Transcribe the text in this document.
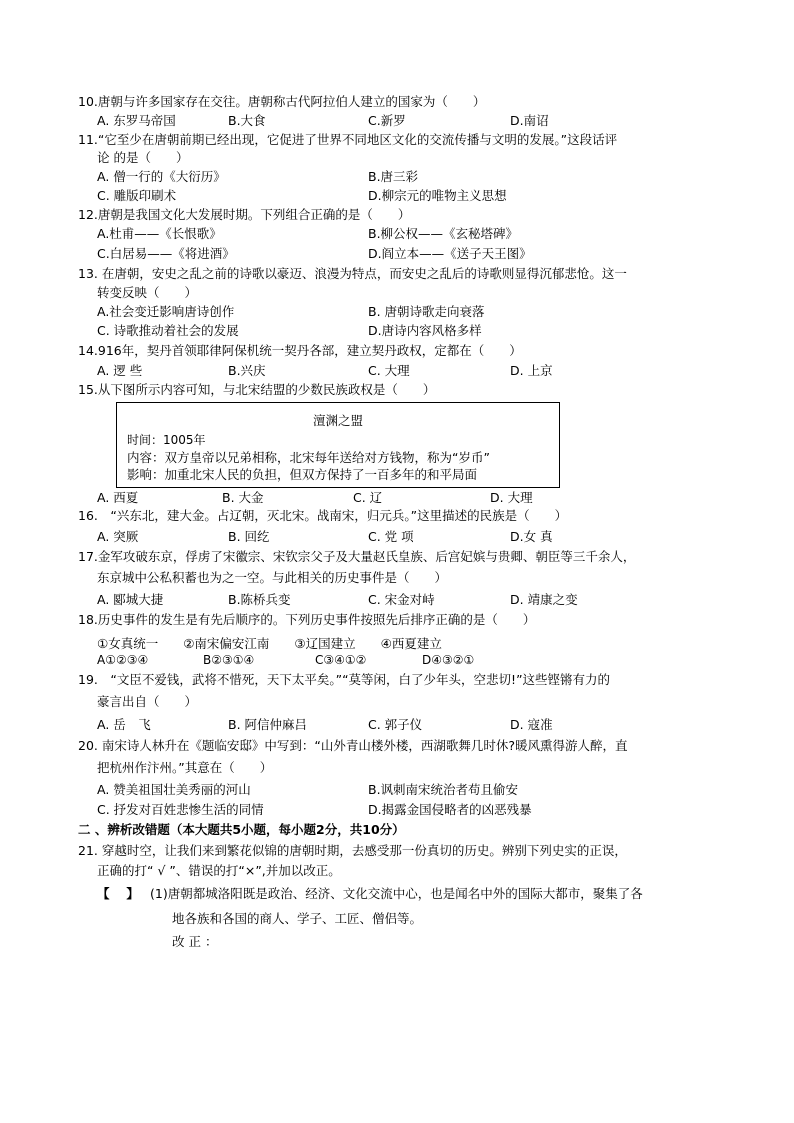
10.唐朝与许多国家存在交往。唐朝称古代阿拉伯人建立的国家为（　　）
A. 东罗马帝国	B.大食	C.新罗	D.南诏
11.“它至少在唐朝前期已经出现，它促进了世界不同地区文化的交流传播与文明的发展。”这段话评
论 的是（　　）
A. 僧一行的《大衍历》	B.唐三彩
C. 雕版印刷术	D.柳宗元的唯物主义思想
12.唐朝是我国文化大发展时期。下列组合正确的是（　　）
A.杜甫——《长恨歌》	B.柳公权——《玄秘塔碑》
C.白居易——《将进酒》	D.阎立本——《送子天王图》
13. 在唐朝，安史之乱之前的诗歌以豪迈、浪漫为特点，而安史之乱后的诗歌则显得沉郁悲怆。这一
转变反映（　　）
A.社会变迁影响唐诗创作	B. 唐朝诗歌走向衰落
C. 诗歌推动着社会的发展	D.唐诗内容风格多样
14.916年，契丹首领耶律阿保机统一契丹各部，建立契丹政权，定都在（　　）
A. 逻 些	B.兴庆	C. 大理	D. 上京
15.从下图所示内容可知，与北宋结盟的少数民族政权是（　　）
澶渊之盟
时间：1005年
内容：双方皇帝以兄弟相称，北宋每年送给对方钱物，称为“岁币”
影响：加重北宋人民的负担，但双方保持了一百多年的和平局面
A. 西夏	B. 大金	C. 辽	D. 大理
16.　“兴东北，建大金。占辽朝，灭北宋。战南宋，归元兵。”这里描述的民族是（　　）
A. 突厥	B. 回纥	C. 党 项	D.女 真
17.金军攻破东京，俘虏了宋徽宗、宋钦宗父子及大量赵氏皇族、后宫妃嫔与贵卿、朝臣等三千余人，
东京城中公私积蓄也为之一空。与此相关的历史事件是（　　）
A. 郾城大捷	B.陈桥兵变	C. 宋金对峙	D. 靖康之变
18.历史事件的发生是有先后顺序的。下列历史事件按照先后排序正确的是（　　）
①女真统一　　②南宋偏安江南　　③辽国建立　　④西夏建立
A①②③④	B②③①④	C③④①②	D④③②①
19.　“文臣不爱钱，武将不惜死，天下太平矣。”“莫等闲，白了少年头，空悲切!”这些铿锵有力的
豪言出自（　　）
A. 岳　飞	B. 阿信仲麻吕	C. 郭子仪	D. 寇准
20. 南宋诗人林升在《题临安邸》中写到：“山外青山楼外楼，西湖歌舞几时休?暖风熏得游人醉，直
把杭州作汴州。”其意在（　　）
A. 赞美祖国壮美秀丽的河山	B.讽刺南宋统治者苟且偷安
C. 抒发对百姓悲惨生活的同情	D.揭露金国侵略者的凶恶残暴
二 、辨析改错题（本大题共5小题，每小题2分，共10分）
21. 穿越时空，让我们来到繁花似锦的唐朝时期，去感受那一份真切的历史。辨别下列史实的正误，
正确的打“ √ ”、错误的打“×”,并加以改正。
【　 】 (1)唐朝都城洛阳既是政治、经济、文化交流中心，也是闻名中外的国际大都市，聚集了各
地各族和各国的商人、学子、工匠、僧侣等。
改 正 ：
